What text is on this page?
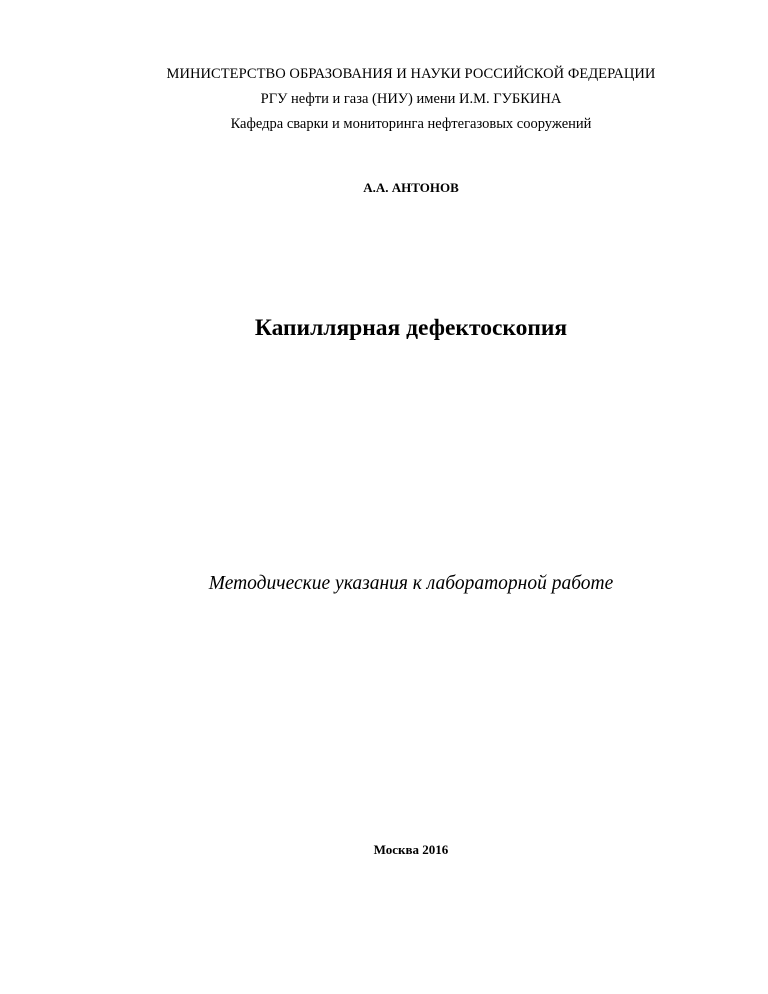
МИНИСТЕРСТВО ОБРАЗОВАНИЯ И НАУКИ РОССИЙСКОЙ ФЕДЕРАЦИИ
РГУ нефти и газа (НИУ) имени И.М. ГУБКИНА
Кафедра сварки и мониторинга нефтегазовых сооружений
А.А. АНТОНОВ
Капиллярная дефектоскопия
Методические указания к лабораторной работе
Москва 2016
